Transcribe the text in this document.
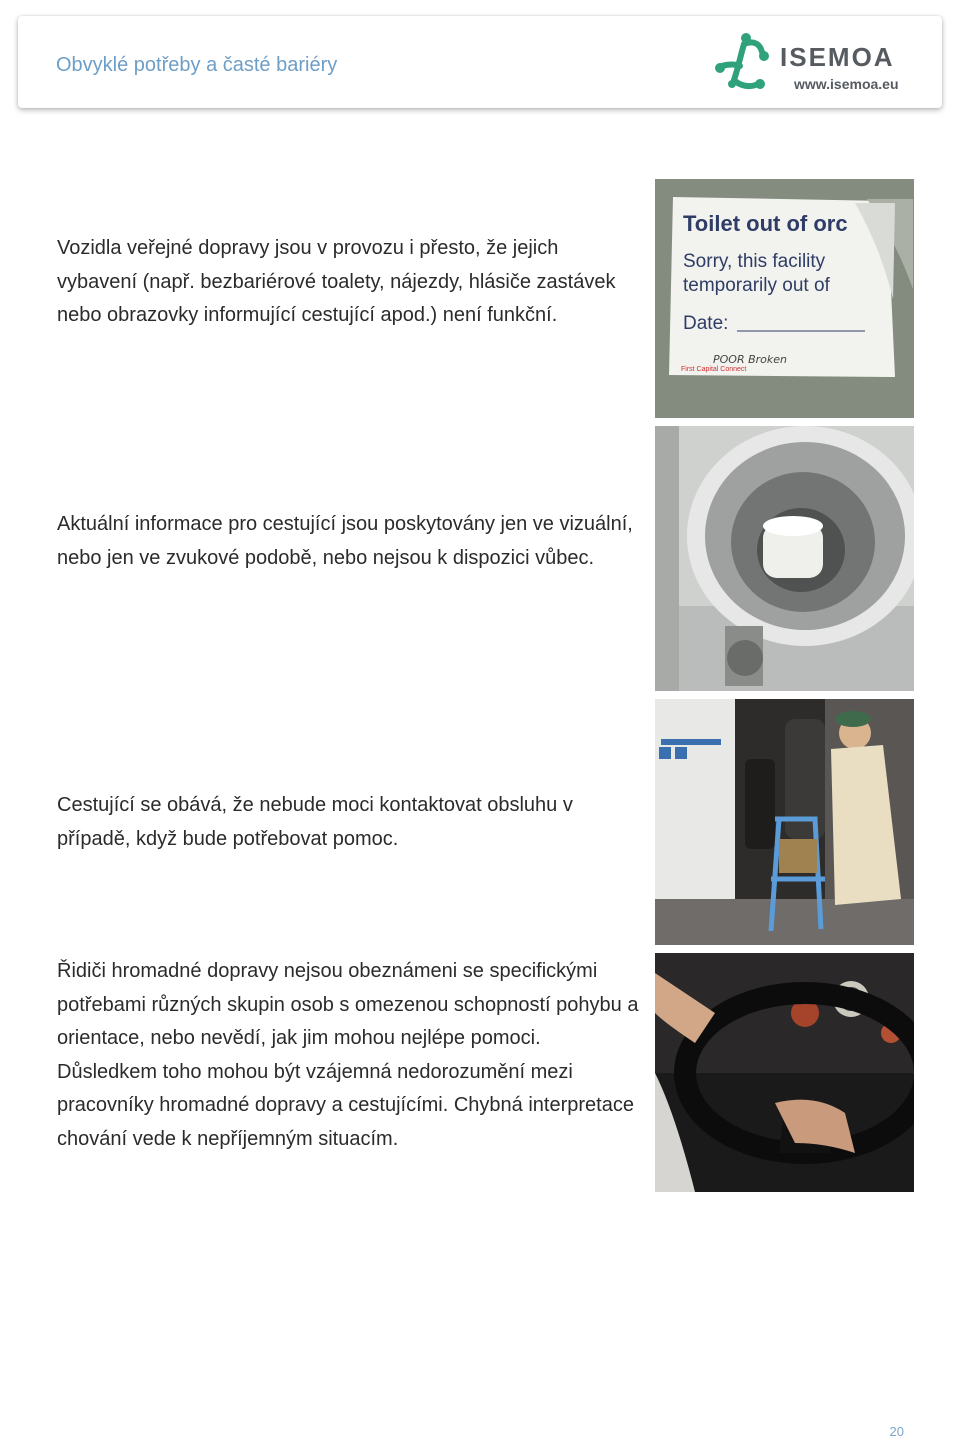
Obvyklé potřeby a časté bariéry	ISEMOA
www.isemoa.eu

Vozidla veřejné dopravy jsou v provozu i přesto, že jejich vybavení (např. bezbariérové toalety, nájezdy, hlásiče zastávek nebo obrazovky informující cestující apod.) není funkční.

Toilet out of orc
Sorry, this facility
temporarily out of
Date:
POOR Broken
First Capital Connect

Aktuální informace pro cestující jsou poskytovány jen ve vizuální, nebo jen ve zvukové podobě, nebo nejsou k dispozici vůbec.

Cestující se obává, že nebude moci kontaktovat obsluhu v případě, když bude potřebovat pomoc.

Řidiči hromadné dopravy nejsou obeznámeni se specifickými potřebami různých skupin osob s omezenou schopností pohybu a orientace, nebo nevědí, jak jim mohou nejlépe pomoci. Důsledkem toho mohou být vzájemná nedorozumění mezi pracovníky hromadné dopravy a cestujícími. Chybná interpretace chování vede k nepříjemným situacím.

20
